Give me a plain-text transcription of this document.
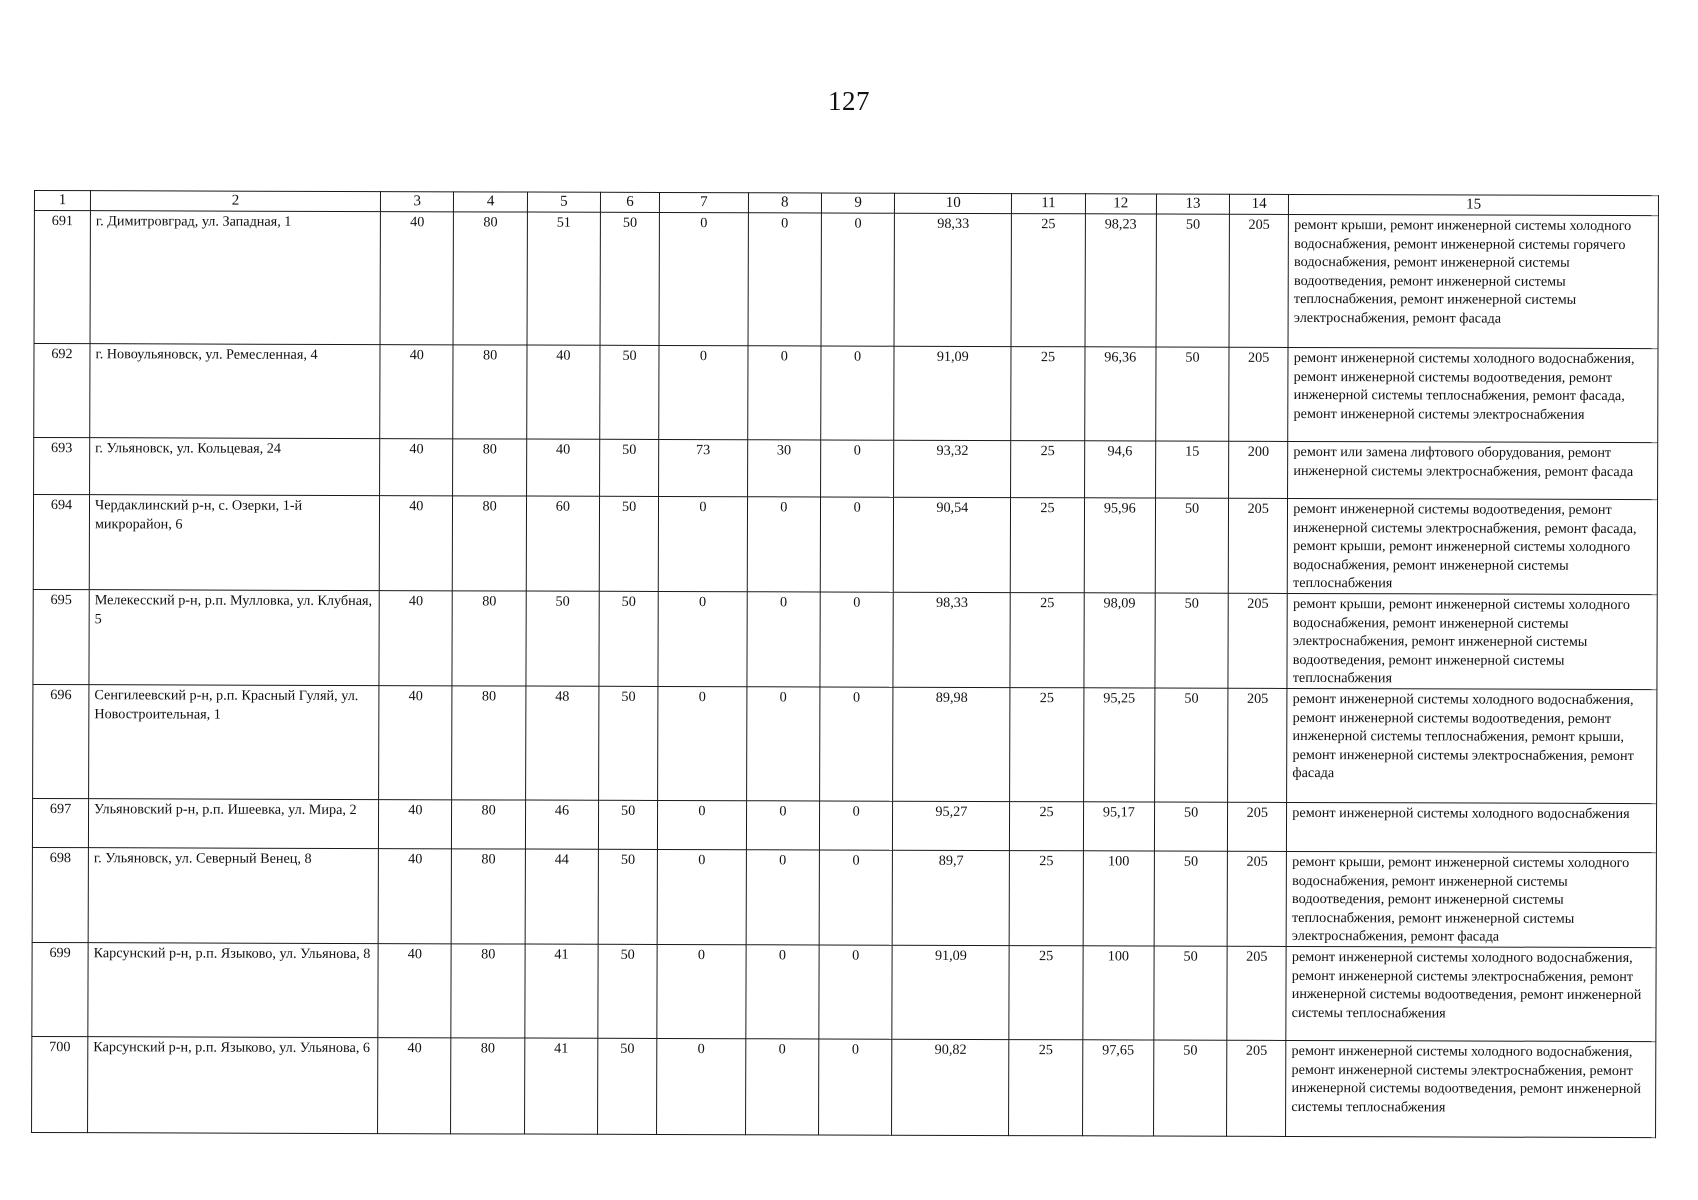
127
1	2	3	4	5	6	7	8	9	10	11	12	13	14	15
691	г. Димитровград, ул. Западная, 1	40	80	51	50	0	0	0	98,33	25	98,23	50	205	ремонт крыши, ремонт инженерной системы холодного водоснабжения, ремонт инженерной системы горячего водоснабжения, ремонт инженерной системы водоотведения, ремонт инженерной системы теплоснабжения, ремонт инженерной системы электроснабжения, ремонт фасада
692	г. Новоульяновск, ул. Ремесленная, 4	40	80	40	50	0	0	0	91,09	25	96,36	50	205	ремонт инженерной системы холодного водоснабжения, ремонт инженерной системы водоотведения, ремонт инженерной системы теплоснабжения, ремонт фасада, ремонт инженерной системы электроснабжения
693	г. Ульяновск, ул. Кольцевая, 24	40	80	40	50	73	30	0	93,32	25	94,6	15	200	ремонт или замена лифтового оборудования, ремонт инженерной системы электроснабжения, ремонт фасада
694	Чердаклинский р-н, с. Озерки, 1-й микрорайон, 6	40	80	60	50	0	0	0	90,54	25	95,96	50	205	ремонт инженерной системы водоотведения, ремонт инженерной системы электроснабжения, ремонт фасада, ремонт крыши, ремонт инженерной системы холодного водоснабжения, ремонт инженерной системы теплоснабжения
695	Мелекесский р-н, р.п. Мулловка, ул. Клубная, 5	40	80	50	50	0	0	0	98,33	25	98,09	50	205	ремонт крыши, ремонт инженерной системы холодного водоснабжения, ремонт инженерной системы электроснабжения, ремонт инженерной системы водоотведения, ремонт инженерной системы теплоснабжения
696	Сенгилеевский р-н, р.п. Красный Гуляй, ул. Новостроительная, 1	40	80	48	50	0	0	0	89,98	25	95,25	50	205	ремонт инженерной системы холодного водоснабжения, ремонт инженерной системы водоотведения, ремонт инженерной системы теплоснабжения, ремонт крыши, ремонт инженерной системы электроснабжения, ремонт фасада
697	Ульяновский р-н, р.п. Ишеевка, ул. Мира, 2	40	80	46	50	0	0	0	95,27	25	95,17	50	205	ремонт инженерной системы холодного водоснабжения
698	г. Ульяновск, ул. Северный Венец, 8	40	80	44	50	0	0	0	89,7	25	100	50	205	ремонт крыши, ремонт инженерной системы холодного водоснабжения, ремонт инженерной системы водоотведения, ремонт инженерной системы теплоснабжения, ремонт инженерной системы электроснабжения, ремонт фасада
699	Карсунский р-н, р.п. Языково, ул. Ульянова, 8	40	80	41	50	0	0	0	91,09	25	100	50	205	ремонт инженерной системы холодного водоснабжения, ремонт инженерной системы электроснабжения, ремонт инженерной системы водоотведения, ремонт инженерной системы теплоснабжения
700	Карсунский р-н, р.п. Языково, ул. Ульянова, 6	40	80	41	50	0	0	0	90,82	25	97,65	50	205	ремонт инженерной системы холодного водоснабжения, ремонт инженерной системы электроснабжения, ремонт инженерной системы водоотведения, ремонт инженерной системы теплоснабжения
